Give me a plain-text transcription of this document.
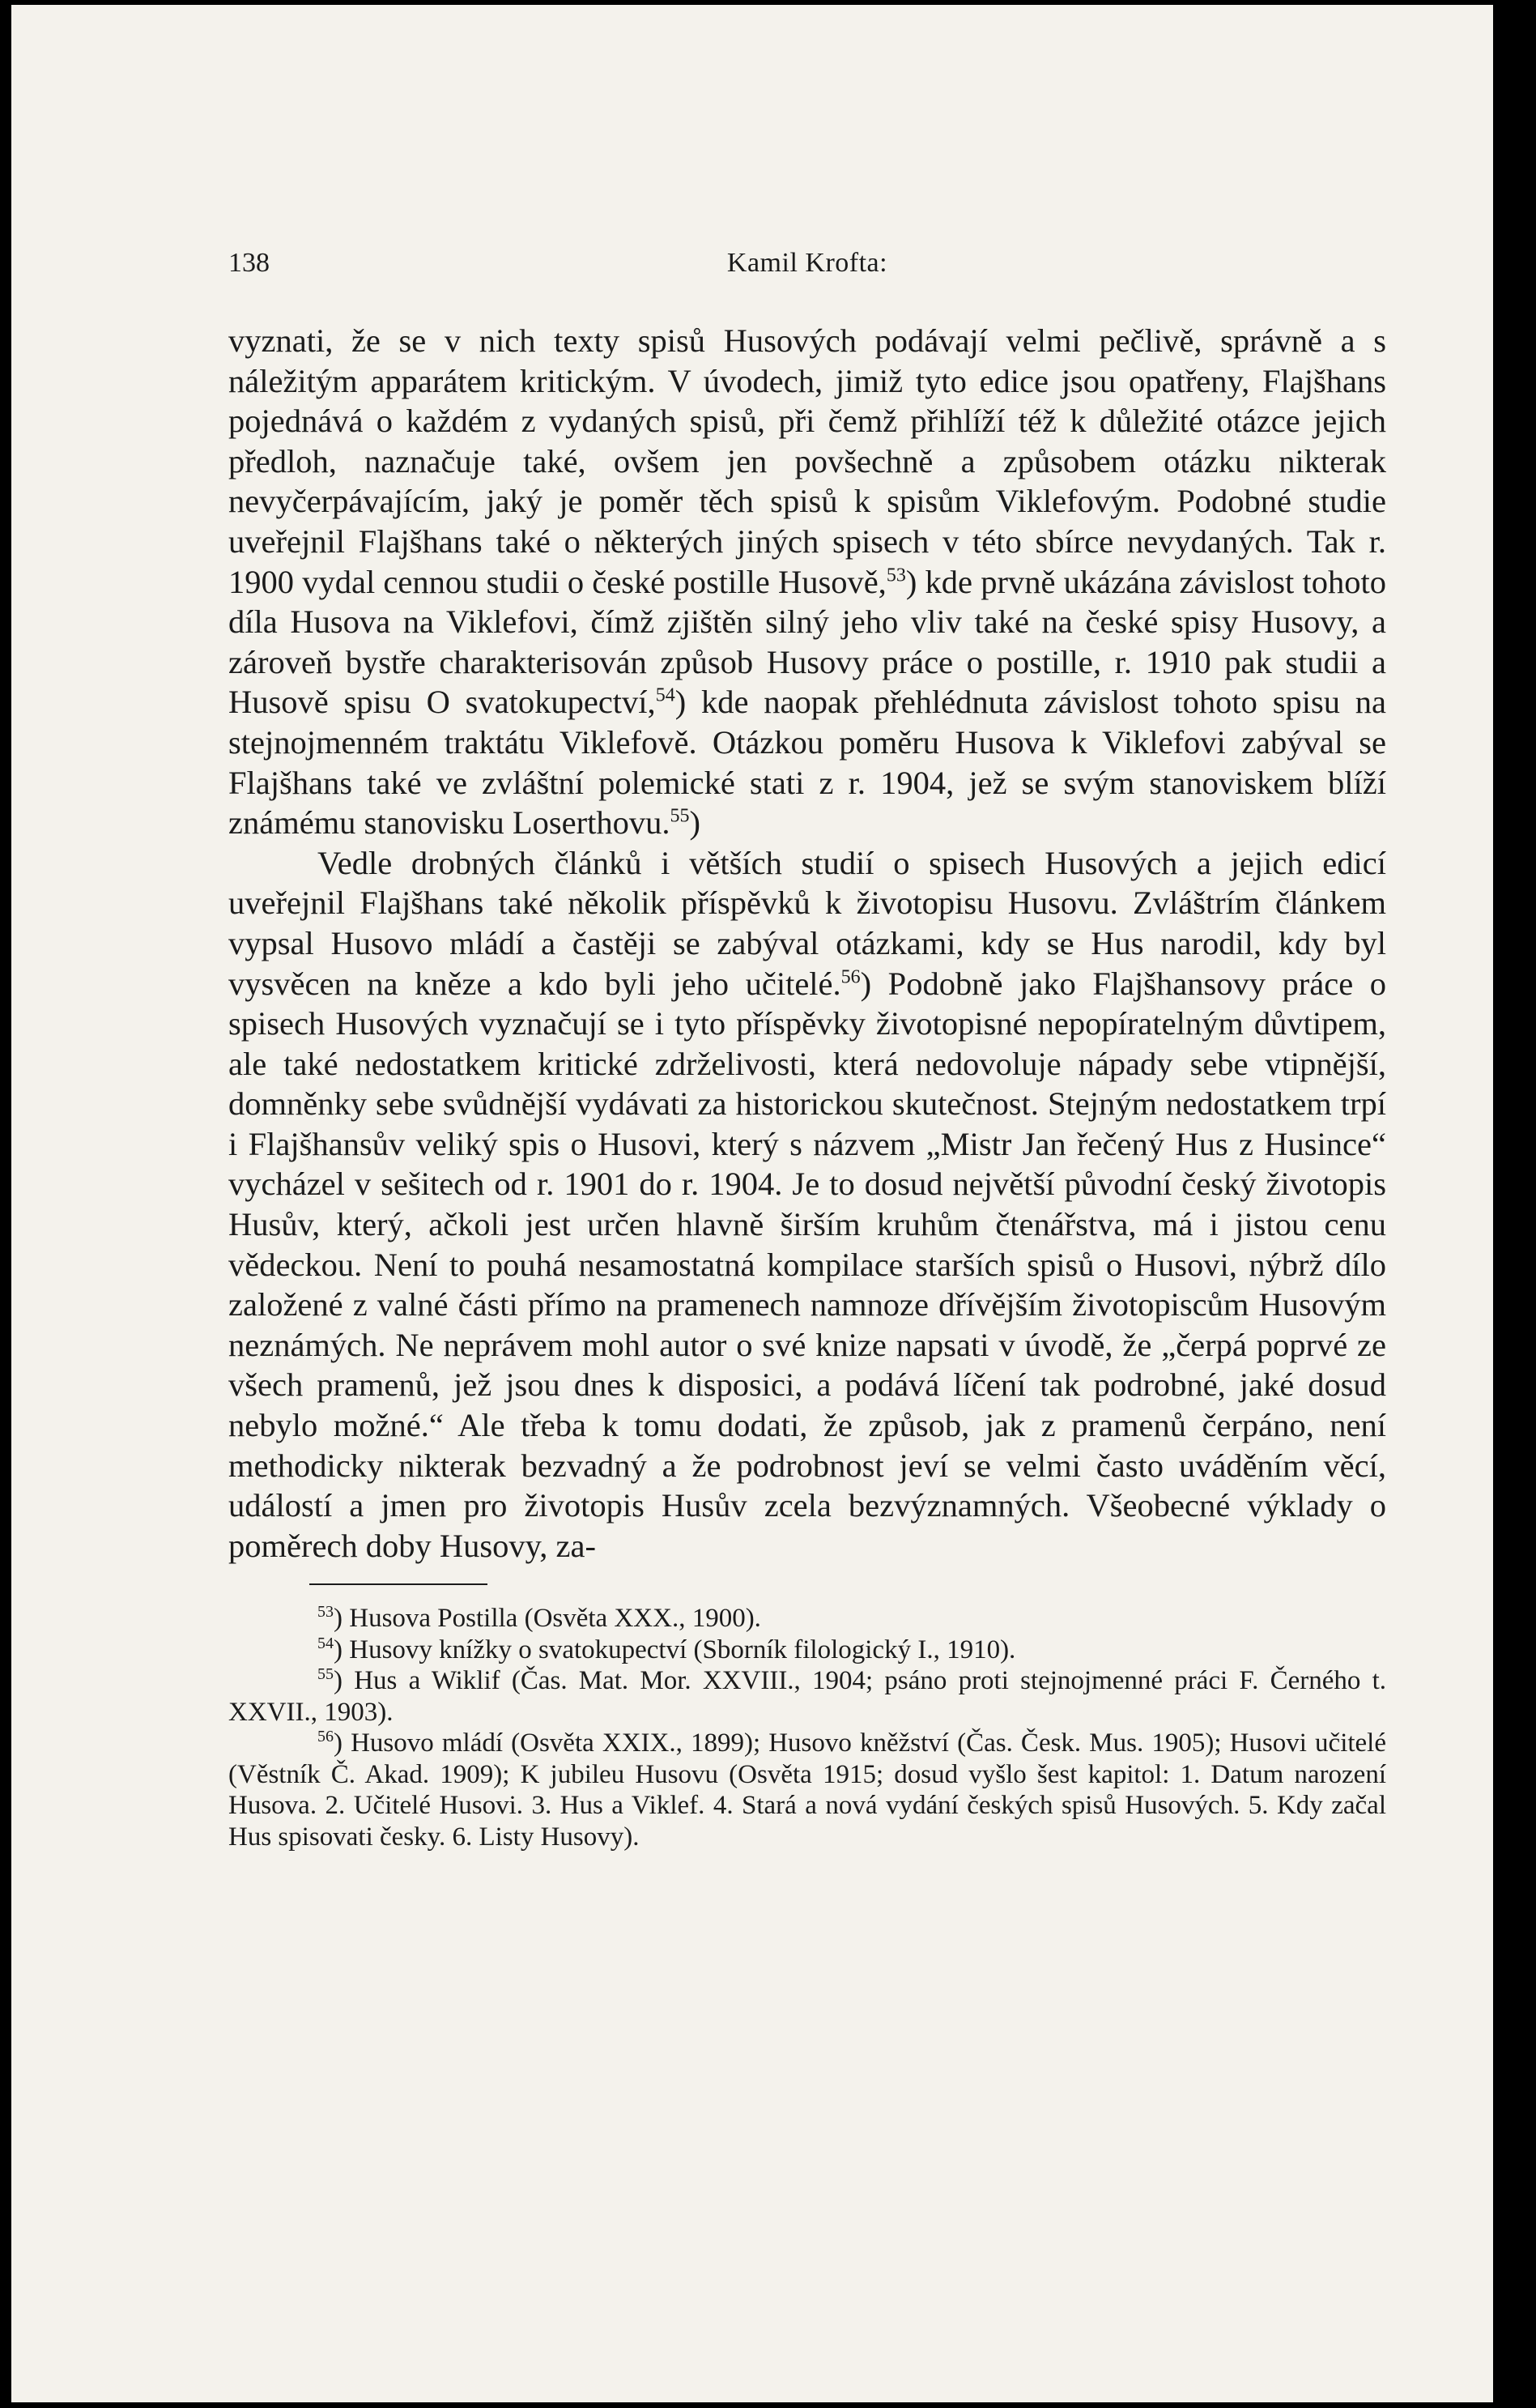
138	Kamil Krofta:

vyznati, že se v nich texty spisů Husových podávají velmi pečlivě, správně a s náležitým apparátem kritickým. V úvodech, jimiž tyto edice jsou opatřeny, Flajšhans pojednává o každém z vydaných spisů, při čemž přihlíží též k důležité otázce jejich předloh, naznačuje také, ovšem jen povšechně a způsobem otázku nikterak nevyčerpávajícím, jaký je poměr těch spisů k spisům Viklefovým. Podobné studie uveřejnil Flajšhans také o některých jiných spisech v této sbírce nevydaných. Tak r. 1900 vydal cennou studii o české postille Husově,$^{53}$) kde prvně ukázána závislost tohoto díla Husova na Viklefovi, čímž zjištěn silný jeho vliv také na české spisy Husovy, a zároveň bystře charakterisován způsob Husovy práce o postille, r. 1910 pak studii a Husově spisu O svatokupectví,$^{54}$) kde naopak přehlédnuta závislost tohoto spisu na stejnojmenném traktátu Viklefově. Otázkou poměru Husova k Viklefovi zabýval se Flajšhans také ve zvláštní polemické stati z r. 1904, jež se svým stanoviskem blíží známému stanovisku Loserthovu.$^{55}$)

Vedle drobných článků i větších studií o spisech Husových a jejich edicí uveřejnil Flajšhans také několik příspěvků k životopisu Husovu. Zvláštrím článkem vypsal Husovo mládí a častěji se zabýval otázkami, kdy se Hus narodil, kdy byl vysvěcen na kněze a kdo byli jeho učitelé.$^{56}$) Podobně jako Flajšhansovy práce o spisech Husových vyznačují se i tyto příspěvky životopisné nepopíratelným důvtipem, ale také nedostatkem kritické zdrželivosti, která nedovoluje nápady sebe vtipnější, domněnky sebe svůdnější vydávati za historickou skutečnost. Stejným nedostatkem trpí i Flajšhansův veliký spis o Husovi, který s názvem „Mistr Jan řečený Hus z Husince“ vycházel v sešitech od r. 1901 do r. 1904. Je to dosud největší původní český životopis Husův, který, ačkoli jest určen hlavně širším kruhům čtenářstva, má i jistou cenu vědeckou. Není to pouhá nesamostatná kompilace starších spisů o Husovi, nýbrž dílo založené z valné části přímo na pramenech namnoze dřívějším životopiscům Husovým neznámých. Ne neprávem mohl autor o své knize napsati v úvodě, že „čerpá poprvé ze všech pramenů, jež jsou dnes k disposici, a podává líčení tak podrobné, jaké dosud nebylo možné.“ Ale třeba k tomu dodati, že způsob, jak z pramenů čerpáno, není methodicky nikterak bezvadný a že podrobnost jeví se velmi často uváděním věcí, událostí a jmen pro životopis Husův zcela bezvýznamných. Všeobecné výklady o poměrech doby Husovy, za-

$^{53}$) Husova Postilla (Osvěta XXX., 1900).

$^{54}$) Husovy knížky o svatokupectví (Sborník filologický I., 1910).

$^{55}$) Hus a Wiklif (Čas. Mat. Mor. XXVIII., 1904; psáno proti stejnojmenné práci F. Černého t. XXVII., 1903).

$^{56}$) Husovo mládí (Osvěta XXIX., 1899); Husovo kněžství (Čas. Česk. Mus. 1905); Husovi učitelé (Věstník Č. Akad. 1909); K jubileu Husovu (Osvěta 1915; dosud vyšlo šest kapitol: 1. Datum narození Husova. 2. Učitelé Husovi. 3. Hus a Viklef. 4. Stará a nová vydání českých spisů Husových. 5. Kdy začal Hus spisovati česky. 6. Listy Husovy).
